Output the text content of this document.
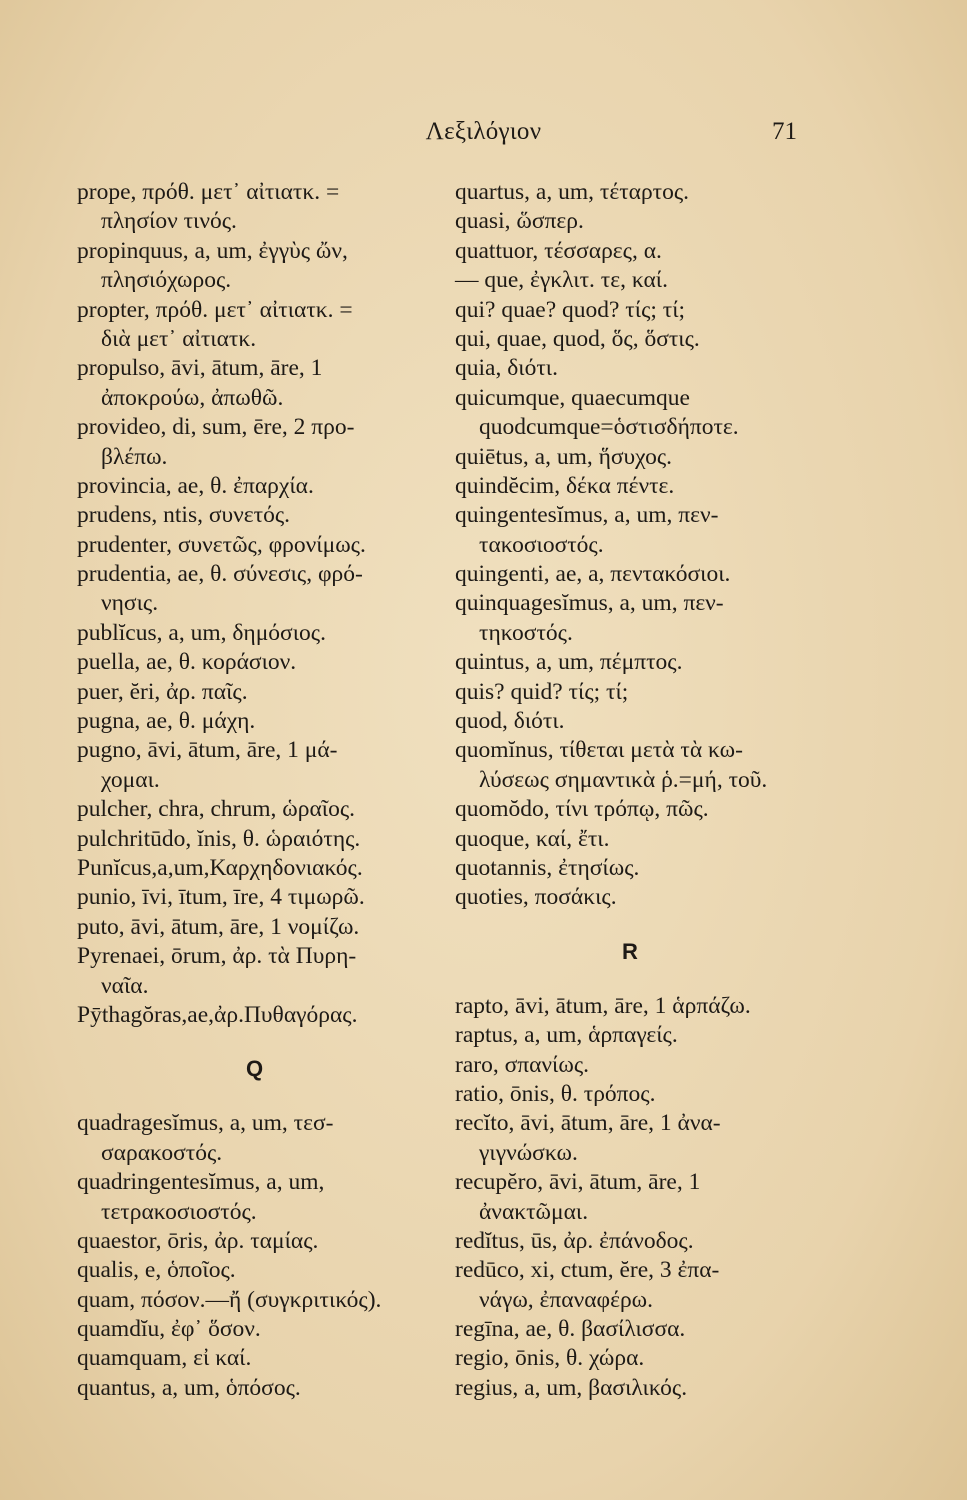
Λεξιλόγιον	71
prope, πρόθ. μετ᾽ αἰτιατκ. =
πλησίον τινός.
propinquus, a, um, ἐγγὺς ὤν,
πλησιόχωρος.
propter, πρόθ. μετ᾽ αἰτιατκ. =
διὰ μετ᾽ αἰτιατκ.
propulso, āvi, ātum, āre, 1
ἀποκρούω, ἀπωθῶ.
provideo, di, sum, ēre, 2 προ-
βλέπω.
provincia, ae, θ. ἐπαρχία.
prudens, ntis, συνετός.
prudenter, συνετῶς, φρονίμως.
prudentia, ae, θ. σύνεσις, φρό-
νησις.
publĭcus, a, um, δημόσιος.
puella, ae, θ. κοράσιον.
puer, ĕri, ἀρ. παῖς.
pugna, ae, θ. μάχη.
pugno, āvi, ātum, āre, 1 μά-
χομαι.
pulcher, chra, chrum, ὡραῖος.
pulchritūdo, ĭnis, θ. ὡραιότης.
Punĭcus,a,um,Καρχηδονιακός.
punio, īvi, ītum, īre, 4 τιμωρῶ.
puto, āvi, ātum, āre, 1 νομίζω.
Pyrenaei, ōrum, ἀρ. τὰ Πυρη-
ναῖα.
Pȳthagŏras,ae,ἀρ.Πυθαγόρας.
Q
quadragesĭmus, a, um, τεσ-
σαρακοστός.
quadringentesĭmus, a, um,
τετρακοσιοστός.
quaestor, ōris, ἀρ. ταμίας.
qualis, e, ὁποῖος.
quam, πόσον.—ἤ (συγκριτικός).
quamdĭu, ἐφ᾽ ὅσον.
quamquam, εἰ καί.
quantus, a, um, ὁπόσος.
quartus, a, um, τέταρτος.
quasi, ὥσπερ.
quattuor, τέσσαρες, α.
— que, ἐγκλιτ. τε, καί.
qui? quae? quod? τίς; τί;
qui, quae, quod, ὅς, ὅστις.
quia, διότι.
quicumque, quaecumque
quodcumque=ὁστισδήποτε.
quiētus, a, um, ἥσυχος.
quindĕcim, δέκα πέντε.
quingentesĭmus, a, um, πεν-
τακοσιοστός.
quingenti, ae, a, πεντακόσιοι.
quinquagesĭmus, a, um, πεν-
τηκοστός.
quintus, a, um, πέμπτος.
quis? quid? τίς; τί;
quod, διότι.
quomĭnus, τίθεται μετὰ τὰ κω-
λύσεως σημαντικὰ ῥ.=μή, τοῦ.
quomŏdo, τίνι τρόπῳ, πῶς.
quoque, καί, ἔτι.
quotannis, ἐτησίως.
quoties, ποσάκις.
R
rapto, āvi, ātum, āre, 1 ἁρπάζω.
raptus, a, um, ἁρπαγείς.
raro, σπανίως.
ratio, ōnis, θ. τρόπος.
recĭto, āvi, ātum, āre, 1 ἀνα-
γιγνώσκω.
recupĕro, āvi, ātum, āre, 1
ἀνακτῶμαι.
redĭtus, ūs, ἀρ. ἐπάνοδος.
redūco, xi, ctum, ĕre, 3 ἐπα-
νάγω, ἐπαναφέρω.
regīna, ae, θ. βασίλισσα.
regio, ōnis, θ. χώρα.
regius, a, um, βασιλικός.
